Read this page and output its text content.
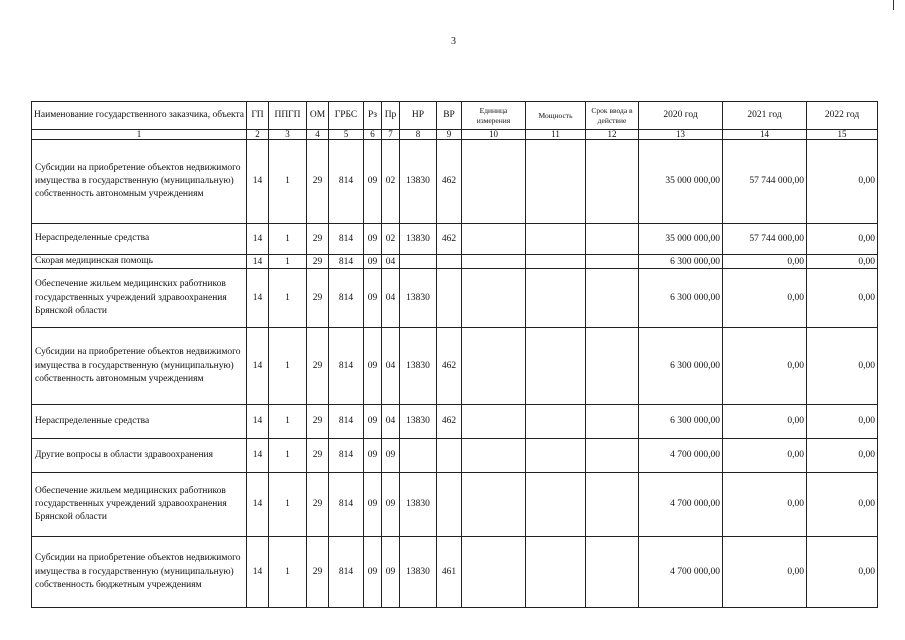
3
Наименование государственного заказчика, объекта	ГП	ППГП	ОМ	ГРБС	Рз	Пр	НР	ВР	Единица измерения	Мощность	Срок ввода в действие	2020 год	2021 год	2022 год
1	2	3	4	5	6	7	8	9	10	11	12	13	14	15
Субсидии на приобретение объектов недвижимого имущества в государственную (муниципальную) собственность автономным учреждениям	14	1	29	814	09	02	13830	462				35 000 000,00	57 744 000,00	0,00
Нераспределенные средства	14	1	29	814	09	02	13830	462				35 000 000,00	57 744 000,00	0,00
Скорая медицинская помощь	14	1	29	814	09	04						6 300 000,00	0,00	0,00
Обеспечение жильем медицинских работников государственных учреждений здравоохранения Брянской области	14	1	29	814	09	04	13830					6 300 000,00	0,00	0,00
Субсидии на приобретение объектов недвижимого имущества в государственную (муниципальную) собственность автономным учреждениям	14	1	29	814	09	04	13830	462				6 300 000,00	0,00	0,00
Нераспределенные средства	14	1	29	814	09	04	13830	462				6 300 000,00	0,00	0,00
Другие вопросы в области здравоохранения	14	1	29	814	09	09						4 700 000,00	0,00	0,00
Обеспечение жильем медицинских работников государственных учреждений здравоохранения Брянской области	14	1	29	814	09	09	13830					4 700 000,00	0,00	0,00
Субсидии на приобретение объектов недвижимого имущества в государственную (муниципальную) собственность бюджетным учреждениям	14	1	29	814	09	09	13830	461				4 700 000,00	0,00	0,00
